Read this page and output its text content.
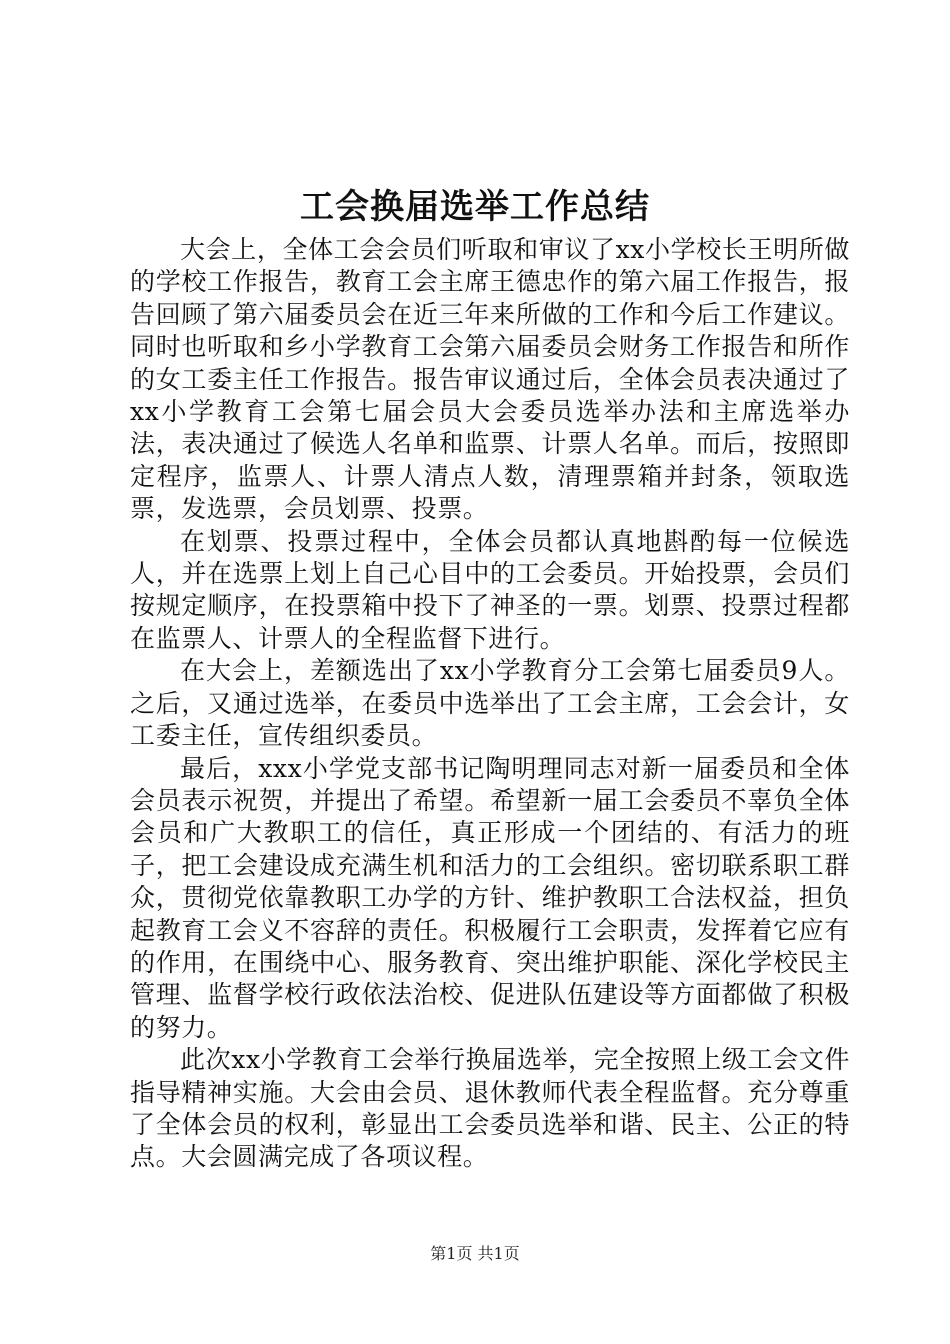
工会换届选举工作总结

大会上，全体工会会员们听取和审议了xx小学校长王明所做的学校工作报告，教育工会主席王德忠作的第六届工作报告，报告回顾了第六届委员会在近三年来所做的工作和今后工作建议。同时也听取和乡小学教育工会第六届委员会财务工作报告和所作的女工委主任工作报告。报告审议通过后，全体会员表决通过了xx小学教育工会第七届会员大会委员选举办法和主席选举办法，表决通过了候选人名单和监票、计票人名单。而后，按照即定程序，监票人、计票人清点人数，清理票箱并封条，领取选票，发选票，会员划票、投票。

在划票、投票过程中，全体会员都认真地斟酌每一位候选人，并在选票上划上自己心目中的工会委员。开始投票，会员们按规定顺序，在投票箱中投下了神圣的一票。划票、投票过程都在监票人、计票人的全程监督下进行。

在大会上，差额选出了xx小学教育分工会第七届委员9人。之后，又通过选举，在委员中选举出了工会主席，工会会计，女工委主任，宣传组织委员。

最后，xxx小学党支部书记陶明理同志对新一届委员和全体会员表示祝贺，并提出了希望。希望新一届工会委员不辜负全体会员和广大教职工的信任，真正形成一个团结的、有活力的班子，把工会建设成充满生机和活力的工会组织。密切联系职工群众，贯彻党依靠教职工办学的方针、维护教职工合法权益，担负起教育工会义不容辞的责任。积极履行工会职责，发挥着它应有的作用，在围绕中心、服务教育、突出维护职能、深化学校民主管理、监督学校行政依法治校、促进队伍建设等方面都做了积极的努力。

此次xx小学教育工会举行换届选举，完全按照上级工会文件指导精神实施。大会由会员、退休教师代表全程监督。充分尊重了全体会员的权利，彰显出工会委员选举和谐、民主、公正的特点。大会圆满完成了各项议程。

第1页 共1页
